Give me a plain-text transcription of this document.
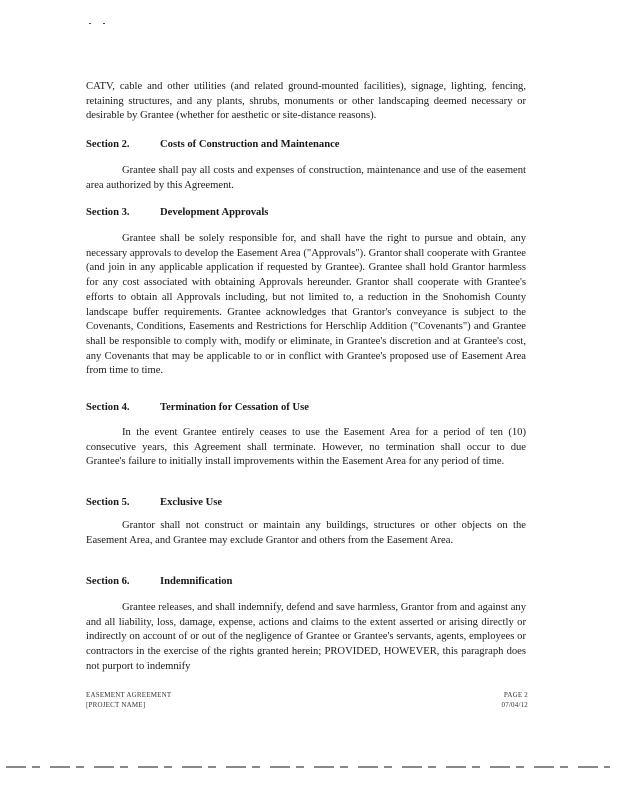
CATV, cable and other utilities (and related ground-mounted facilities), signage, lighting, fencing, retaining structures, and any plants, shrubs, monuments or other landscaping deemed necessary or desirable by Grantee (whether for aesthetic or site-distance reasons).

Section 2.	Costs of Construction and Maintenance

Grantee shall pay all costs and expenses of construction, maintenance and use of the easement area authorized by this Agreement.

Section 3.	Development Approvals

Grantee shall be solely responsible for, and shall have the right to pursue and obtain, any necessary approvals to develop the Easement Area ("Approvals"). Grantor shall cooperate with Grantee (and join in any applicable application if requested by Grantee). Grantee shall hold Grantor harmless for any cost associated with obtaining Approvals hereunder. Grantor shall cooperate with Grantee's efforts to obtain all Approvals including, but not limited to, a reduction in the Snohomish County landscape buffer requirements. Grantee acknowledges that Grantor's conveyance is subject to the Covenants, Conditions, Easements and Restrictions for Herschlip Addition ("Covenants") and Grantee shall be responsible to comply with, modify or eliminate, in Grantee's discretion and at Grantee's cost, any Covenants that may be applicable to or in conflict with Grantee's proposed use of Easement Area from time to time.

Section 4.	Termination for Cessation of Use

In the event Grantee entirely ceases to use the Easement Area for a period of ten (10) consecutive years, this Agreement shall terminate. However, no termination shall occur to due Grantee's failure to initially install improvements within the Easement Area for any period of time.

Section 5.	Exclusive Use

Grantor shall not construct or maintain any buildings, structures or other objects on the Easement Area, and Grantee may exclude Grantor and others from the Easement Area.

Section 6.	Indemnification

Grantee releases, and shall indemnify, defend and save harmless, Grantor from and against any and all liability, loss, damage, expense, actions and claims to the extent asserted or arising directly or indirectly on account of or out of the negligence of Grantee or Grantee's servants, agents, employees or contractors in the exercise of the rights granted herein; PROVIDED, HOWEVER, this paragraph does not purport to indemnify

EASEMENT AGREEMENT
[PROJECT NAME]
PAGE 2
07/04/12
